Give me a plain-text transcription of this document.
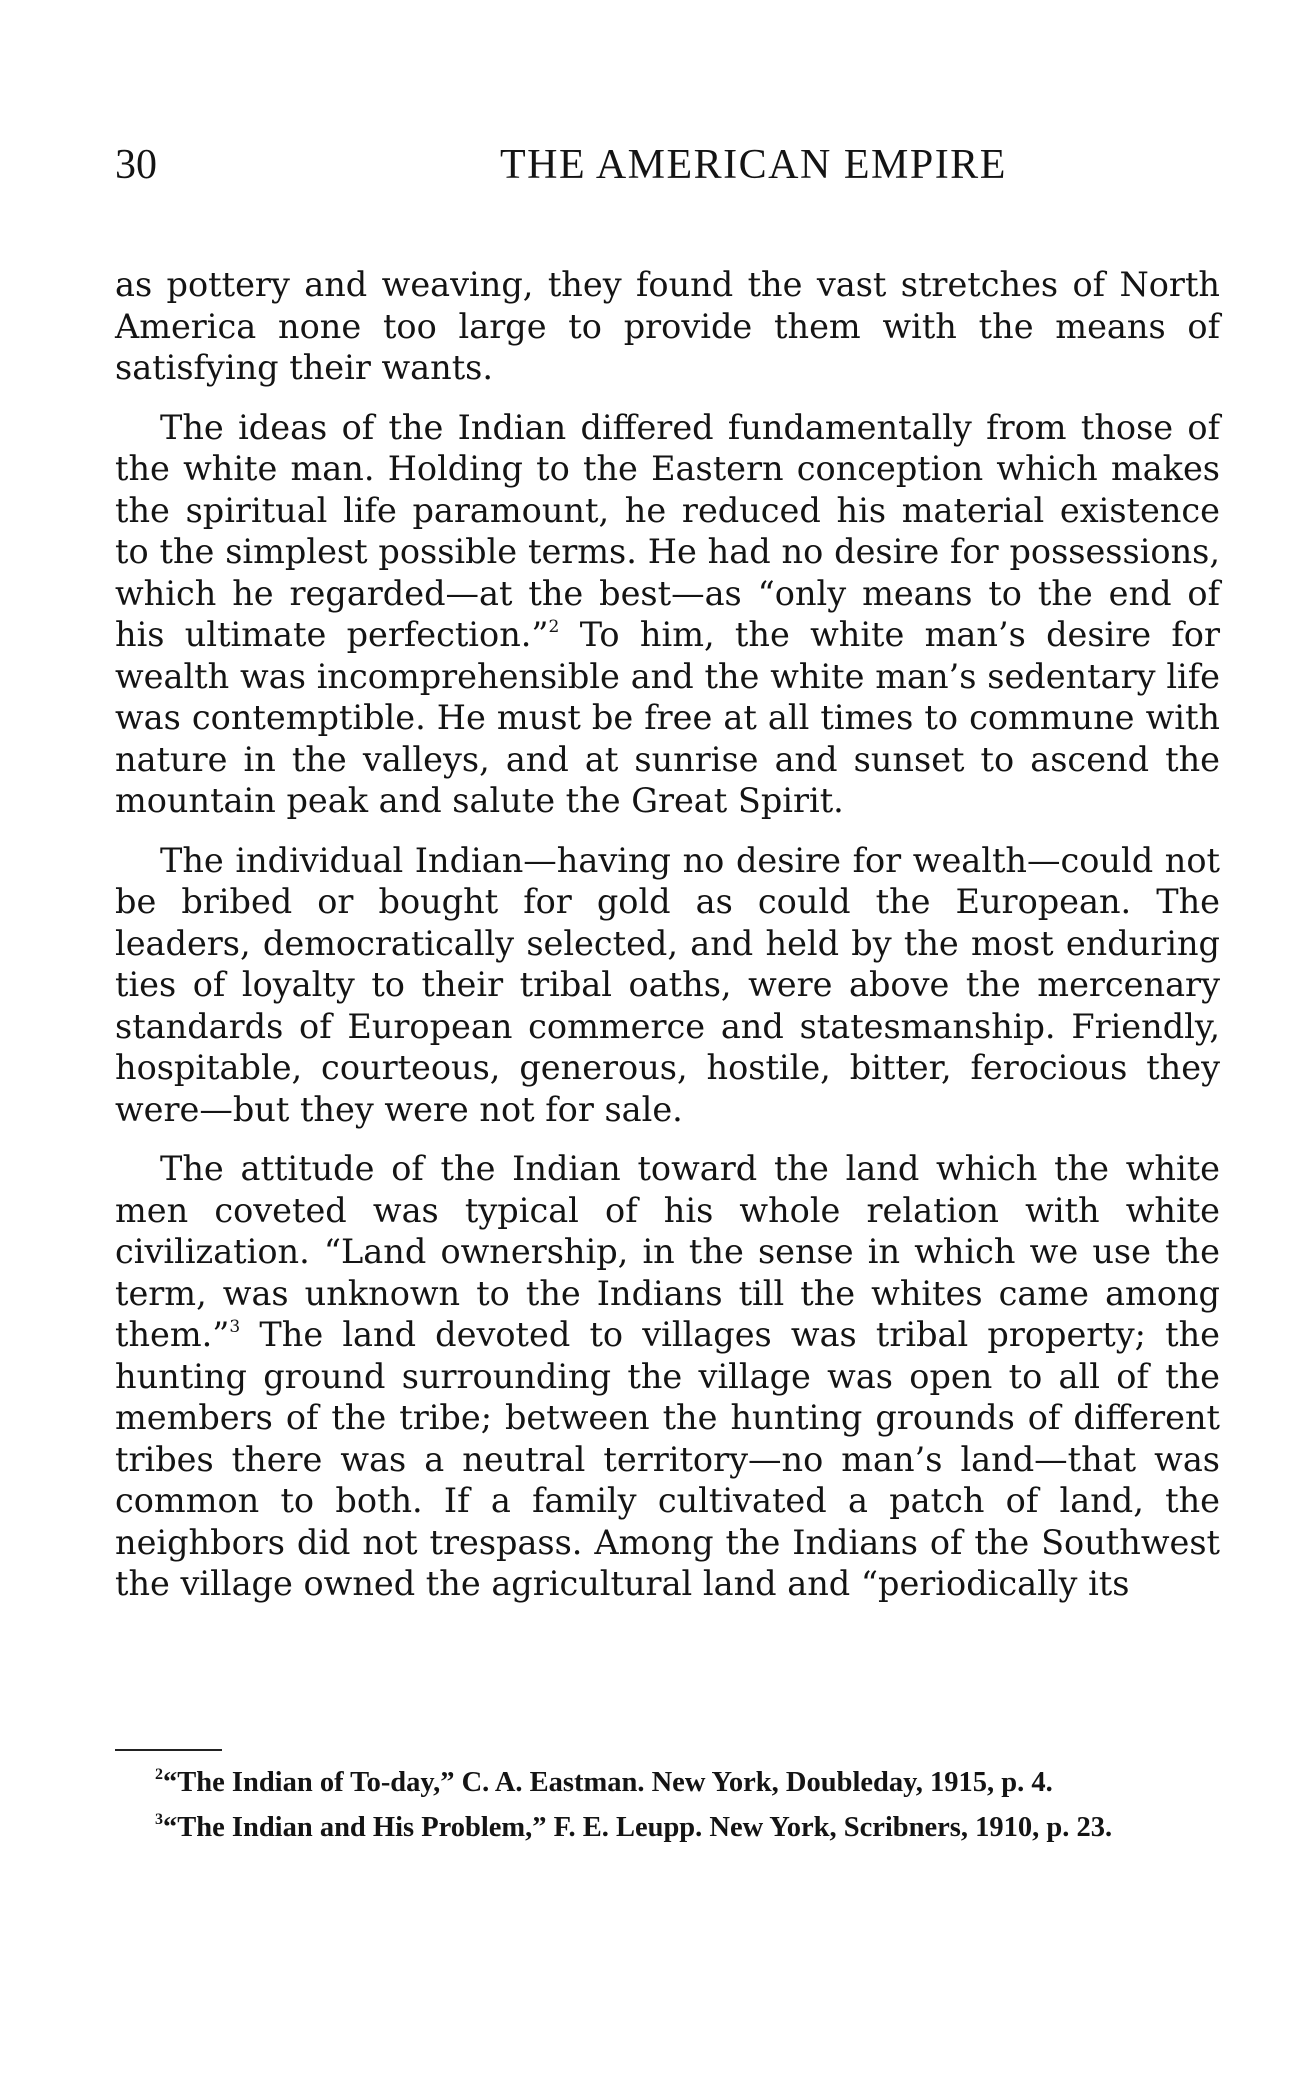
30	THE AMERICAN EMPIRE

as pottery and weaving, they found the vast stretches of North America none too large to provide them with the means of satisfying their wants.

The ideas of the Indian differed fundamentally from those of the white man. Holding to the Eastern conception which makes the spiritual life paramount, he reduced his material existence to the simplest possible terms. He had no desire for possessions, which he regarded—at the best—as “only means to the end of his ultimate perfection.”$^2$ To him, the white man’s desire for wealth was incomprehensible and the white man’s sedentary life was contemptible. He must be free at all times to commune with nature in the valleys, and at sunrise and sunset to ascend the mountain peak and salute the Great Spirit.

The individual Indian—having no desire for wealth—could not be bribed or bought for gold as could the European. The leaders, democratically selected, and held by the most enduring ties of loyalty to their tribal oaths, were above the mercenary standards of European commerce and statesmanship. Friendly, hospitable, courteous, generous, hostile, bitter, ferocious they were—but they were not for sale.

The attitude of the Indian toward the land which the white men coveted was typical of his whole relation with white civilization. “Land ownership, in the sense in which we use the term, was unknown to the Indians till the whites came among them.”$^3$ The land devoted to villages was tribal property; the hunting ground surrounding the village was open to all of the members of the tribe; between the hunting grounds of different tribes there was a neutral territory—no man’s land—that was common to both. If a family cultivated a patch of land, the neighbors did not trespass. Among the Indians of the Southwest the village owned the agricultural land and “periodically its

$^2$“The Indian of To-day,” C. A. Eastman. New York, Doubleday, 1915, p. 4.

$^3$“The Indian and His Problem,” F. E. Leupp. New York, Scribners, 1910, p. 23.
